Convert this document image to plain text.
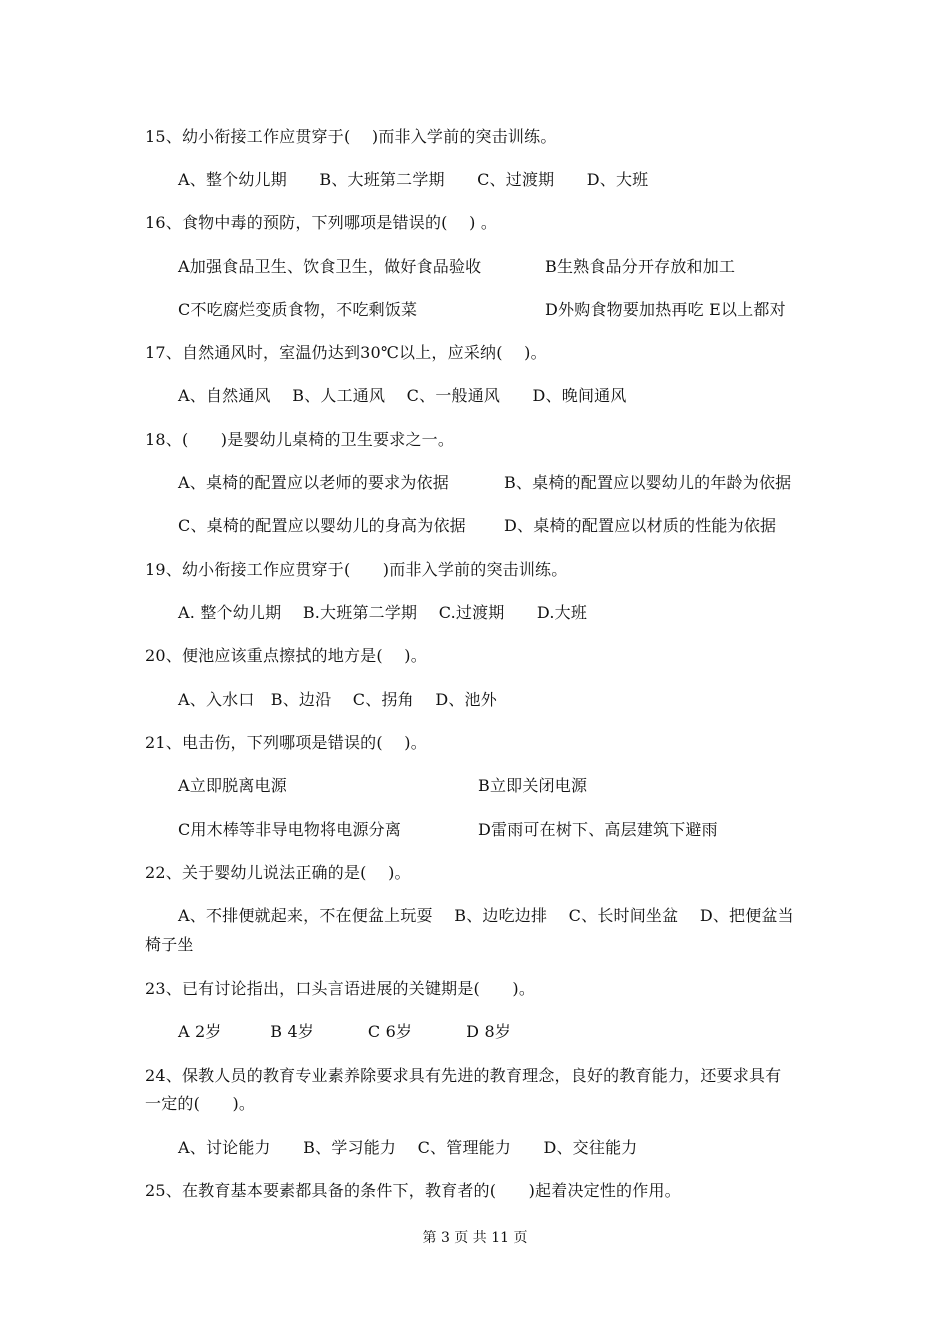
15、幼小衔接工作应贯穿于(　 )而非入学前的突击训练。
A、整个幼儿期　　B、大班第二学期　　C、过渡期　　D、大班
16、食物中毒的预防，下列哪项是错误的(　 ) 。
A加强食品卫生、饮食卫生，做好食品验收	B生熟食品分开存放和加工
C不吃腐烂变质食物，不吃剩饭菜	D外购食物要加热再吃 E以上都对
17、自然通风时，室温仍达到30℃以上，应采纳(　 )。
A、自然通风　 B、人工通风　 C、一般通风　　D、晚间通风
18、(　　)是婴幼儿桌椅的卫生要求之一。
A、桌椅的配置应以老师的要求为依据	B、桌椅的配置应以婴幼儿的年龄为依据
C、桌椅的配置应以婴幼儿的身高为依据 D、桌椅的配置应以材质的性能为依据
19、幼小衔接工作应贯穿于(　　)而非入学前的突击训练。
A. 整个幼儿期　 B.大班第二学期　 C.过渡期　　D.大班
20、便池应该重点擦拭的地方是(　 )。
A、入水口　B、边沿　 C、拐角　 D、池外
21、电击伤，下列哪项是错误的(　 )。
A立即脱离电源	B立即关闭电源
C用木棒等非导电物将电源分离	D雷雨可在树下、高层建筑下避雨
22、关于婴幼儿说法正确的是(　 )。
A、不排便就起来，不在便盆上玩耍　 B、边吃边排　 C、长时间坐盆　 D、把便盆当
椅子坐
23、已有讨论指出，口头言语进展的关键期是(　　)。
A 2岁　　　B 4岁　　　 C 6岁　　　 D 8岁
24、保教人员的教育专业素养除要求具有先进的教育理念，良好的教育能力，还要求具有
一定的(　　)。
A、讨论能力　　B、学习能力　 C、管理能力　　D、交往能力
25、在教育基本要素都具备的条件下，教育者的(　　)起着决定性的作用。
第 3 页 共 11 页
